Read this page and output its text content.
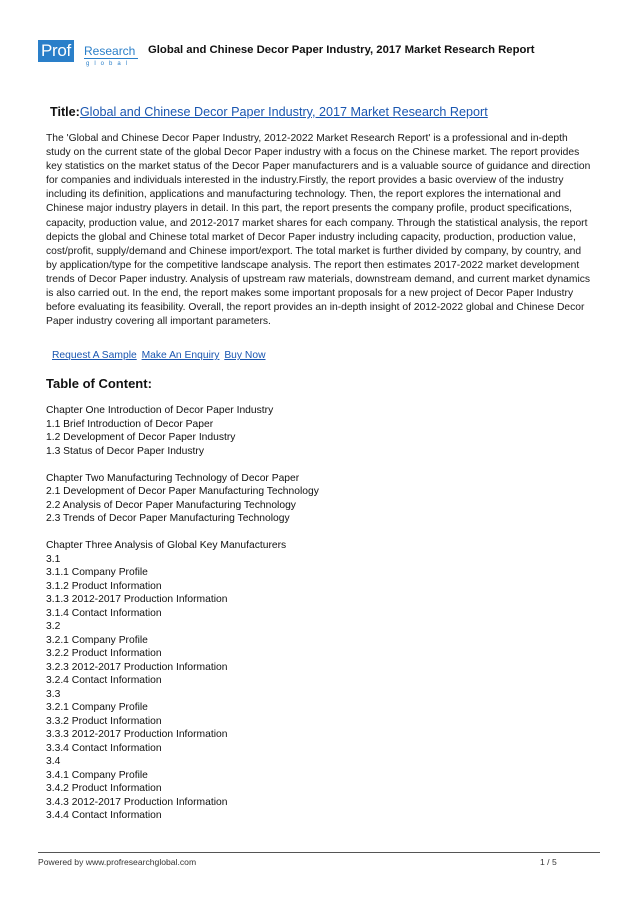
Prof Research
global
Global and Chinese Decor Paper Industry, 2017 Market Research Report
Title:Global and Chinese Decor Paper Industry, 2017 Market Research Report

The 'Global and Chinese Decor Paper Industry, 2012-2022 Market Research Report' is a professional and in-depth study on the current state of the global Decor Paper industry with a focus on the Chinese market. The report provides key statistics on the market status of the Decor Paper manufacturers and is a valuable source of guidance and direction for companies and individuals interested in the industry.Firstly, the report provides a basic overview of the industry including its definition, applications and manufacturing technology. Then, the report explores the international and Chinese major industry players in detail. In this part, the report presents the company profile, product specifications, capacity, production value, and 2012-2017 market shares for each company. Through the statistical analysis, the report depicts the global and Chinese total market of Decor Paper industry including capacity, production, production value, cost/profit, supply/demand and Chinese import/export. The total market is further divided by company, by country, and by application/type for the competitive landscape analysis. The report then estimates 2017-2022 market development trends of Decor Paper industry. Analysis of upstream raw materials, downstream demand, and current market dynamics is also carried out. In the end, the report makes some important proposals for a new project of Decor Paper Industry before evaluating its feasibility. Overall, the report provides an in-depth insight of 2012-2022 global and Chinese Decor Paper industry covering all important parameters.

Request A Sample Make An Enquiry Buy Now
Table of Content:
Chapter One Introduction of Decor Paper Industry
1.1 Brief Introduction of Decor Paper
1.2 Development of Decor Paper Industry
1.3 Status of Decor Paper Industry
Chapter Two Manufacturing Technology of Decor Paper
2.1 Development of Decor Paper Manufacturing Technology
2.2 Analysis of Decor Paper Manufacturing Technology
2.3 Trends of Decor Paper Manufacturing Technology
Chapter Three Analysis of Global Key Manufacturers
3.1
3.1.1 Company Profile
3.1.2 Product Information
3.1.3 2012-2017 Production Information
3.1.4 Contact Information
3.2
3.2.1 Company Profile
3.2.2 Product Information
3.2.3 2012-2017 Production Information
3.2.4 Contact Information
3.3
3.2.1 Company Profile
3.3.2 Product Information
3.3.3 2012-2017 Production Information
3.3.4 Contact Information
3.4
3.4.1 Company Profile
3.4.2 Product Information
3.4.3 2012-2017 Production Information
3.4.4 Contact Information
Powered by www.profresearchglobal.com	1 / 5
